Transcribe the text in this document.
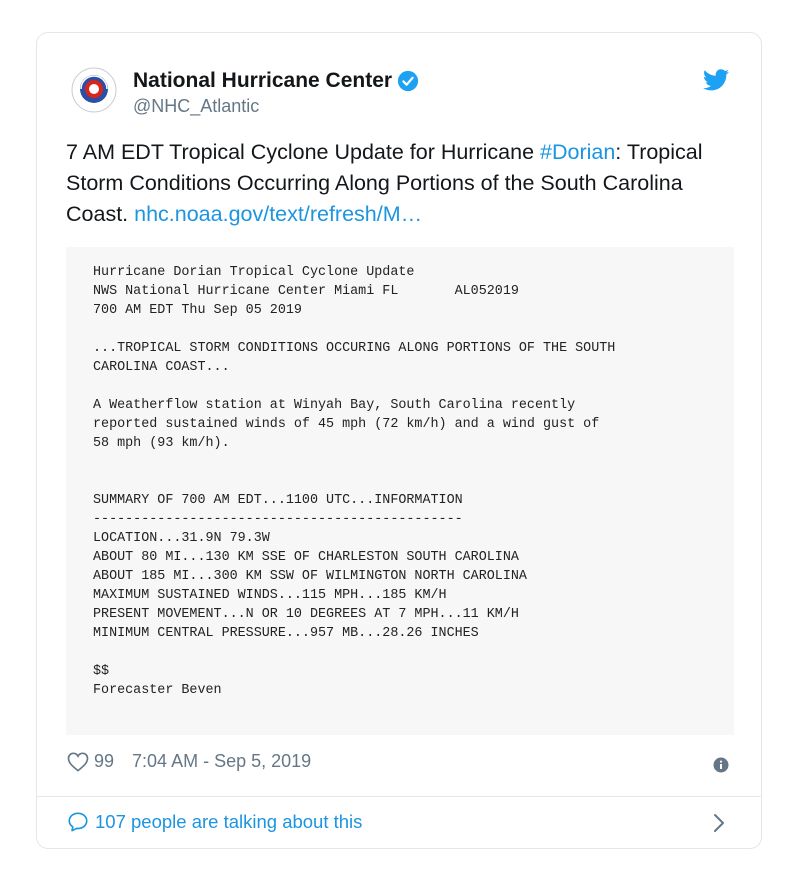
National Hurricane Center
@NHC_Atlantic
7 AM EDT Tropical Cyclone Update for Hurricane #Dorian: Tropical Storm Conditions Occurring Along Portions of the South Carolina Coast. nhc.noaa.gov/text/refresh/M…
Hurricane Dorian Tropical Cyclone Update
NWS National Hurricane Center Miami FL       AL052019
700 AM EDT Thu Sep 05 2019

...TROPICAL STORM CONDITIONS OCCURING ALONG PORTIONS OF THE SOUTH
CAROLINA COAST...

A Weatherflow station at Winyah Bay, South Carolina recently
reported sustained winds of 45 mph (72 km/h) and a wind gust of
58 mph (93 km/h).

SUMMARY OF 700 AM EDT...1100 UTC...INFORMATION
----------------------------------------------
LOCATION...31.9N 79.3W
ABOUT 80 MI...130 KM SSE OF CHARLESTON SOUTH CAROLINA
ABOUT 185 MI...300 KM SSW OF WILMINGTON NORTH CAROLINA
MAXIMUM SUSTAINED WINDS...115 MPH...185 KM/H
PRESENT MOVEMENT...N OR 10 DEGREES AT 7 MPH...11 KM/H
MINIMUM CENTRAL PRESSURE...957 MB...28.26 INCHES

$$
Forecaster Beven
99 7:04 AM - Sep 5, 2019
107 people are talking about this
